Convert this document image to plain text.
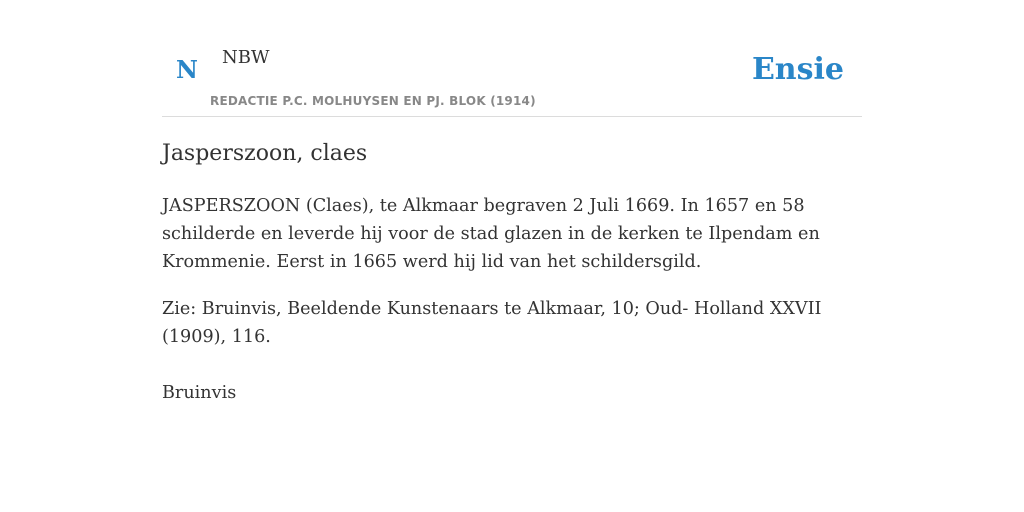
N NBW
REDACTIE P.C. MOLHUYSEN EN PJ. BLOK (1914)
Ensie
Jasperszoon, claes

JASPERSZOON (Claes), te Alkmaar begraven 2 Juli 1669. In 1657 en 58 schilderde en leverde hij voor de stad glazen in de kerken te Ilpendam en Krommenie. Eerst in 1665 werd hij lid van het schildersgild.

Zie: Bruinvis, Beeldende Kunstenaars te Alkmaar, 10; Oud- Holland XXVII (1909), 116.

Bruinvis
